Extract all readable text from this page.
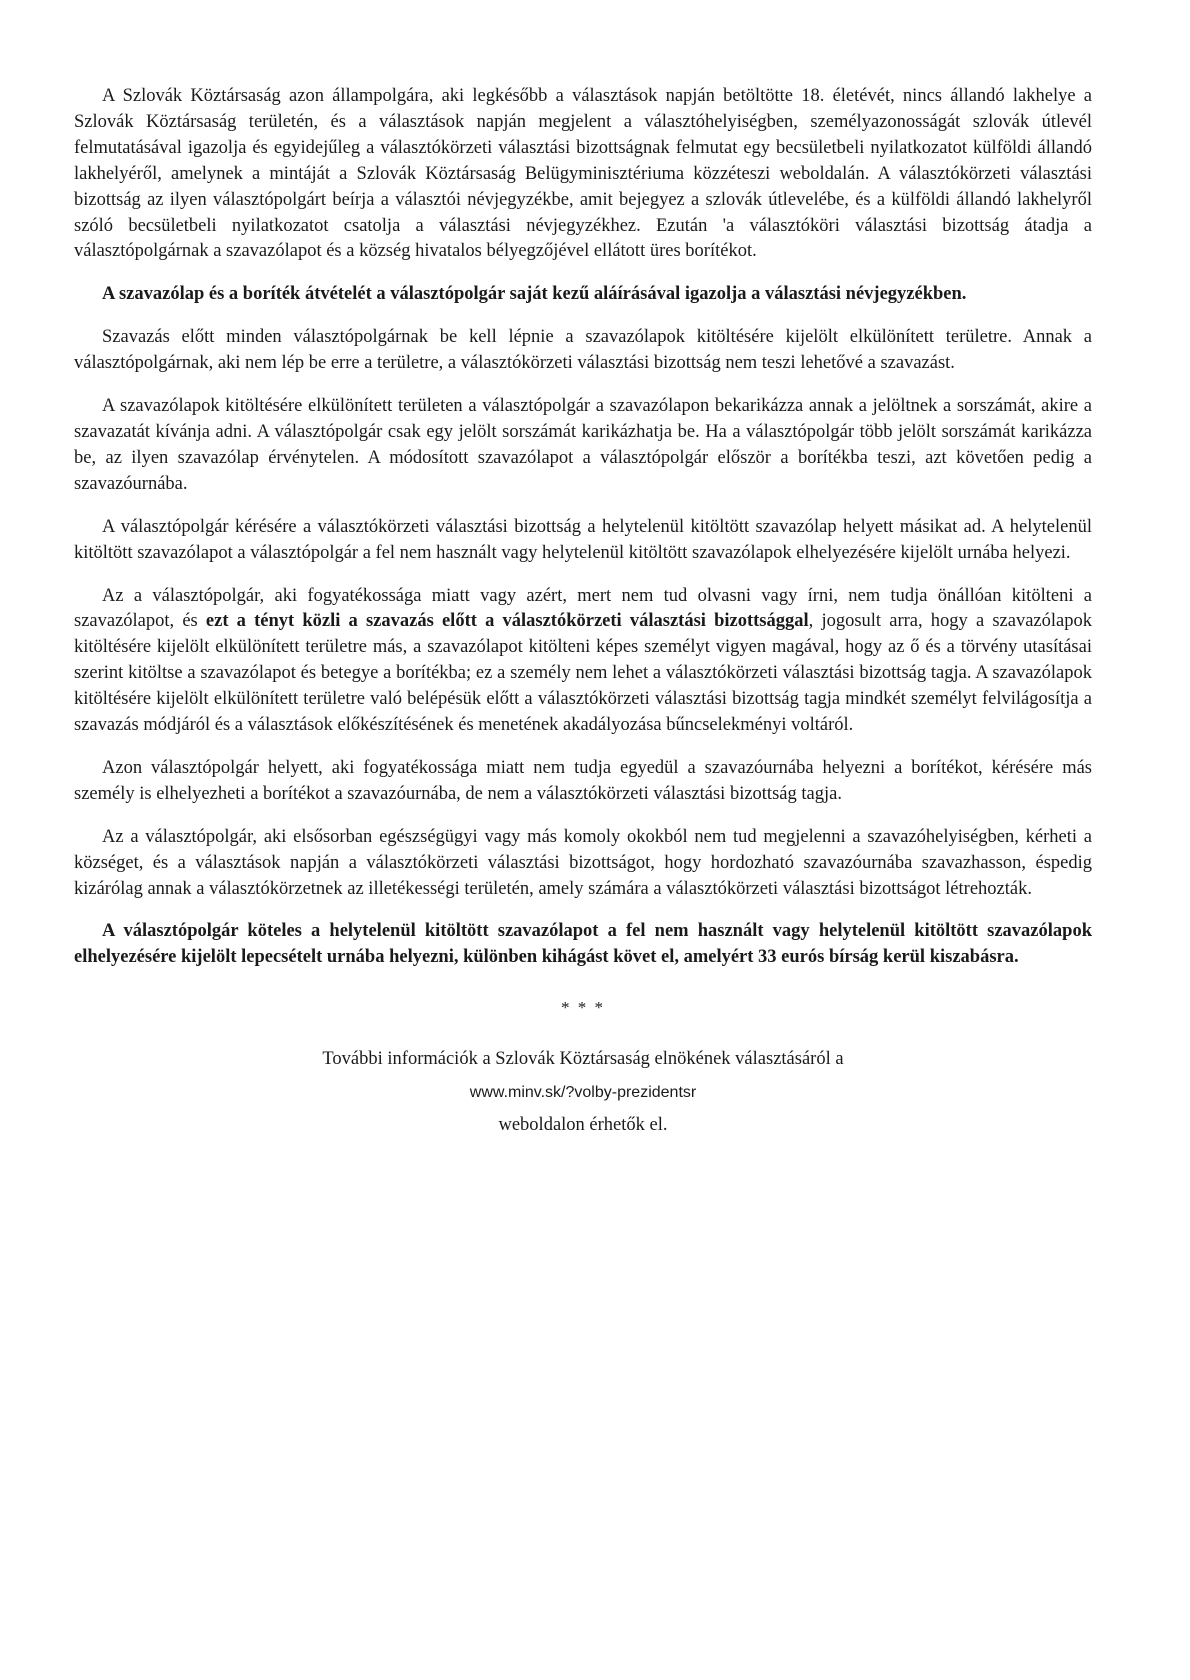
A Szlovák Köztársaság azon állampolgára, aki legkésőbb a választások napján betöltötte 18. életévét, nincs állandó lakhelye a Szlovák Köztársaság területén, és a választások napján megjelent a választóhelyiségben, személyazonosságát szlovák útlevél felmutatásával igazolja és egyidejűleg a választókörzeti választási bizottságnak felmutat egy becsületbeli nyilatkozatot külföldi állandó lakhelyéről, amelynek a mintáját a Szlovák Köztársaság Belügyminisztériuma közzéteszi weboldalán. A választókörzeti választási bizottság az ilyen választópolgárt beírja a választói névjegyzékbe, amit bejegyez a szlovák útlevelébe, és a külföldi állandó lakhelyről szóló becsületbeli nyilatkozatot csatolja a választási névjegyzékhez. Ezután 'a választóköri választási bizottság átadja a választópolgárnak a szavazólapot és a község hivatalos bélyegzőjével ellátott üres borítékot.

A szavazólap és a boríték átvételét a választópolgár saját kezű aláírásával igazolja a választási névjegyzékben.

Szavazás előtt minden választópolgárnak be kell lépnie a szavazólapok kitöltésére kijelölt elkülönített területre. Annak a választópolgárnak, aki nem lép be erre a területre, a választókörzeti választási bizottság nem teszi lehetővé a szavazást.

A szavazólapok kitöltésére elkülönített területen a választópolgár a szavazólapon bekarikázza annak a jelöltnek a sorszámát, akire a szavazatát kívánja adni. A választópolgár csak egy jelölt sorszámát karikázhatja be. Ha a választópolgár több jelölt sorszámát karikázza be, az ilyen szavazólap érvénytelen. A módosított szavazólapot a választópolgár először a borítékba teszi, azt követően pedig a szavazóurnába.

A választópolgár kérésére a választókörzeti választási bizottság a helytelenül kitöltött szavazólap helyett másikat ad. A helytelenül kitöltött szavazólapot a választópolgár a fel nem használt vagy helytelenül kitöltött szavazólapok elhelyezésére kijelölt urnába helyezi.

Az a választópolgár, aki fogyatékossága miatt vagy azért, mert nem tud olvasni vagy írni, nem tudja önállóan kitölteni a szavazólapot, és ezt a tényt közli a szavazás előtt a választókörzeti választási bizottsággal, jogosult arra, hogy a szavazólapok kitöltésére kijelölt elkülönített területre más, a szavazólapot kitölteni képes személyt vigyen magával, hogy az ő és a törvény utasításai szerint kitöltse a szavazólapot és betegye a borítékba; ez a személy nem lehet a választókörzeti választási bizottság tagja. A szavazólapok kitöltésére kijelölt elkülönített területre való belépésük előtt a választókörzeti választási bizottság tagja mindkét személyt felvilágosítja a szavazás módjáról és a választások előkészítésének és menetének akadályozása bűncselekményi voltáról.

Azon választópolgár helyett, aki fogyatékossága miatt nem tudja egyedül a szavazóurnába helyezni a borítékot, kérésére más személy is elhelyezheti a borítékot a szavazóurnába, de nem a választókörzeti választási bizottság tagja.

Az a választópolgár, aki elsősorban egészségügyi vagy más komoly okokból nem tud megjelenni a szavazóhelyiségben, kérheti a községet, és a választások napján a választókörzeti választási bizottságot, hogy hordozható szavazóurnába szavazhasson, éspedig kizárólag annak a választókörzetnek az illetékességi területén, amely számára a választókörzeti választási bizottságot létrehozták.

A választópolgár köteles a helytelenül kitöltött szavazólapot a fel nem használt vagy helytelenül kitöltött szavazólapok elhelyezésére kijelölt lepecsételt urnába helyezni, különben kihágást követ el, amelyért 33 eurós bírság kerül kiszabásra.

* * *
További információk a Szlovák Köztársaság elnökének választásáról a
www.minv.sk/?volby-prezidentsr
weboldalon érhetők el.
